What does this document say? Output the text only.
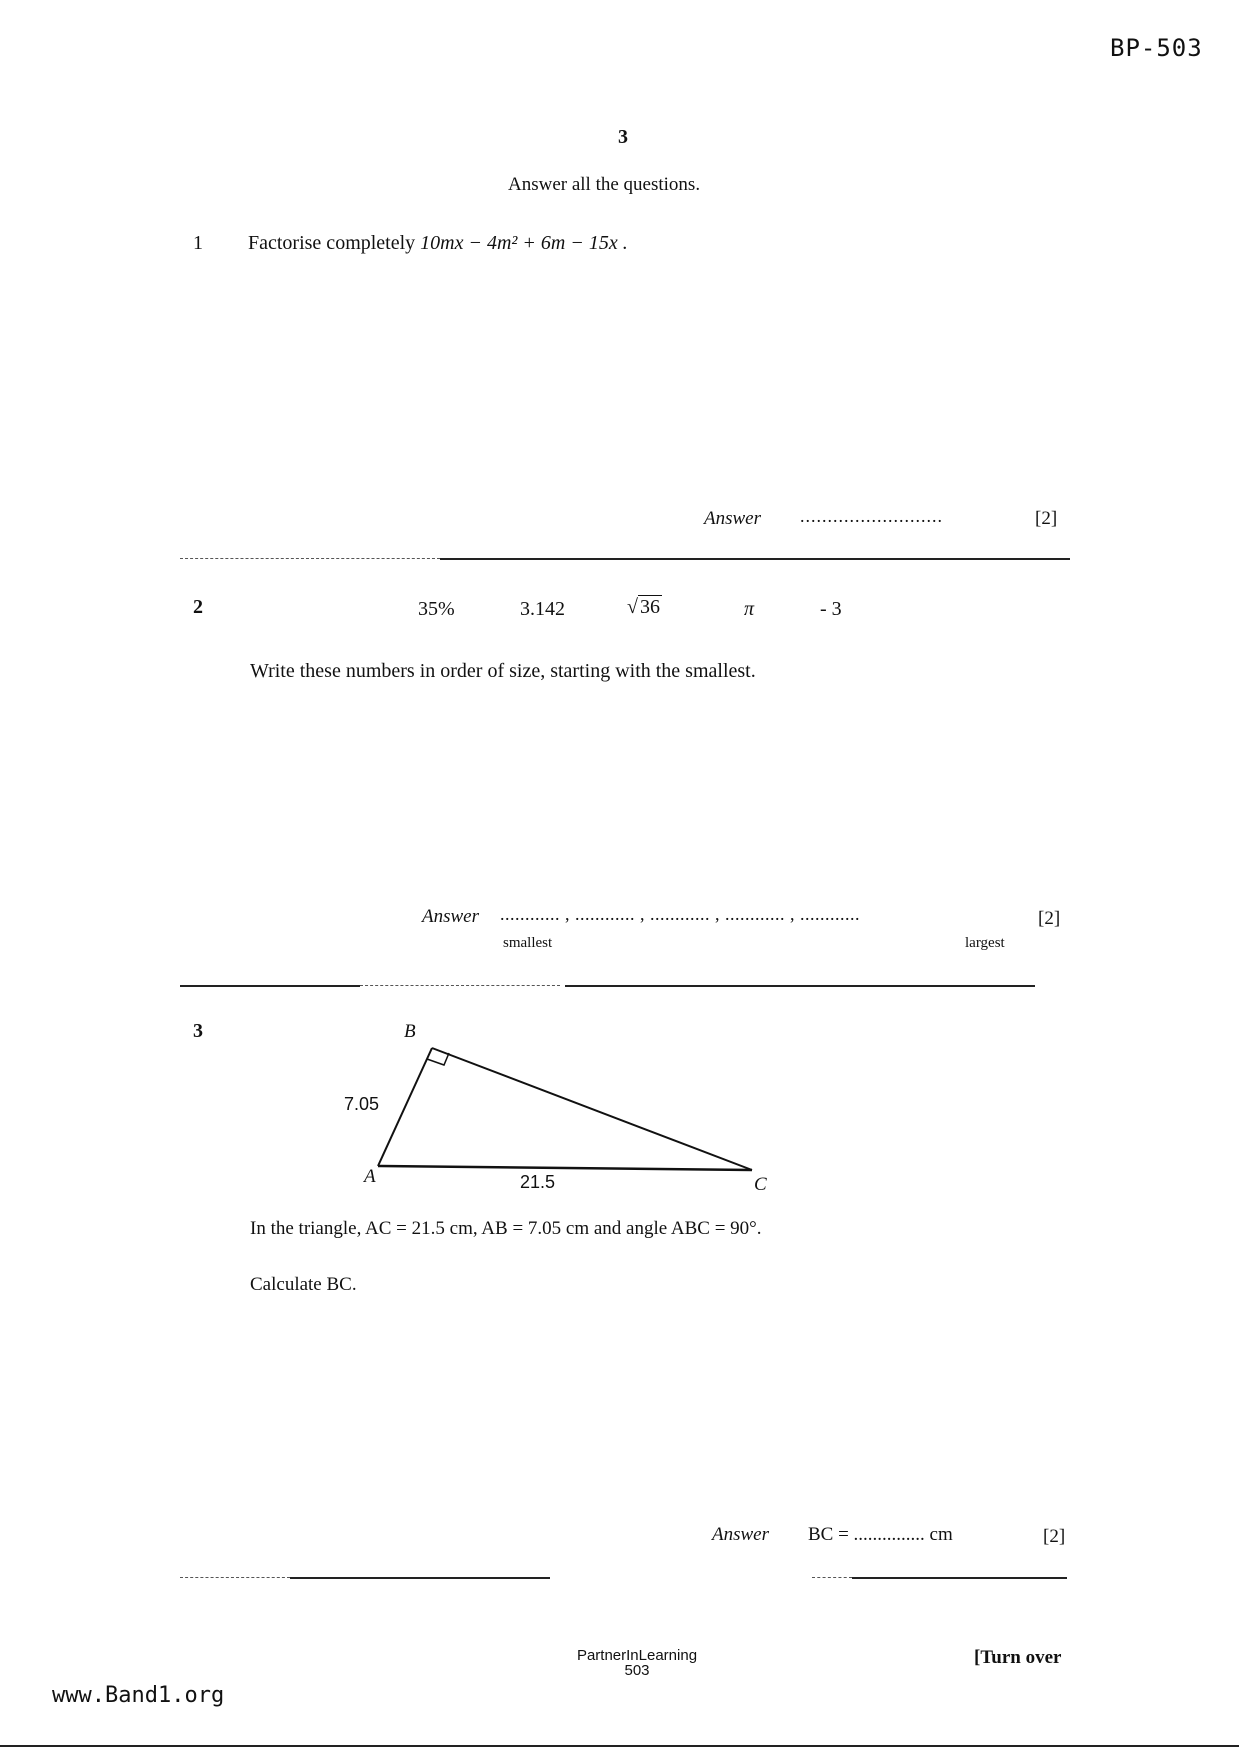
BP-503
3
Answer all the questions.
1 Factorise completely 10mx − 4m² + 6m − 15x .
Answer ..........................	[2]
2	35%	3.142	√ 36	π	- 3
Write these numbers in order of size, starting with the smallest.
Answer ............ , ............ , ............ , ............ , ............	[2]
smallest	largest
3	B
A	C
7.05
21.5
In the triangle, AC = 21.5 cm, AB = 7.05 cm and angle ABC = 90°.
Calculate BC.
Answer BC = ............... cm	[2]
PartnerInLearning
503
[Turn over
www.Band1.org
